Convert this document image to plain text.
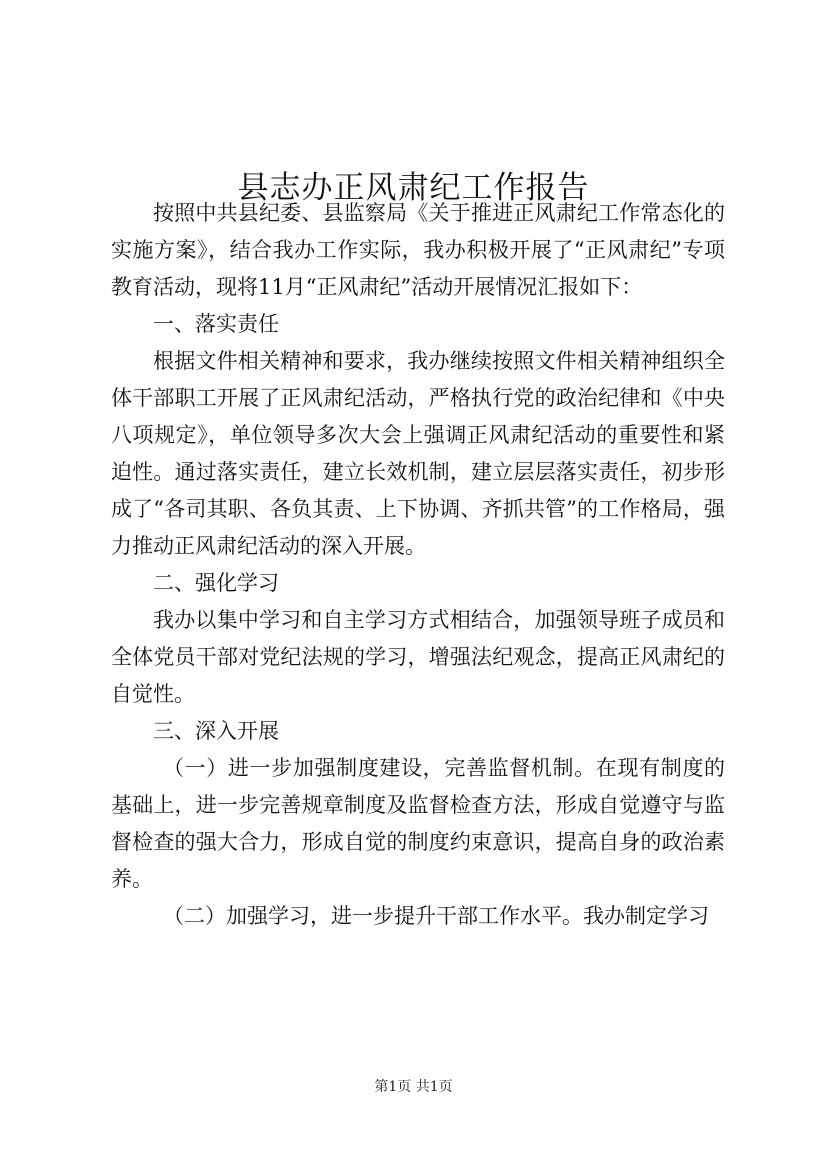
县志办正风肃纪工作报告

按照中共县纪委、县监察局《关于推进正风肃纪工作常态化的实施方案》，结合我办工作实际，我办积极开展了“正风肃纪”专项教育活动，现将11月“正风肃纪”活动开展情况汇报如下：

一、落实责任

根据文件相关精神和要求，我办继续按照文件相关精神组织全体干部职工开展了正风肃纪活动，严格执行党的政治纪律和《中央八项规定》，单位领导多次大会上强调正风肃纪活动的重要性和紧迫性。通过落实责任，建立长效机制，建立层层落实责任，初步形成了“各司其职、各负其责、上下协调、齐抓共管”的工作格局，强力推动正风肃纪活动的深入开展。

二、强化学习

我办以集中学习和自主学习方式相结合，加强领导班子成员和全体党员干部对党纪法规的学习，增强法纪观念，提高正风肃纪的自觉性。

三、深入开展

（一）进一步加强制度建设，完善监督机制。在现有制度的基础上，进一步完善规章制度及监督检查方法，形成自觉遵守与监督检查的强大合力，形成自觉的制度约束意识，提高自身的政治素养。

（二）加强学习，进一步提升干部工作水平。我办制定学习

第1页 共1页
